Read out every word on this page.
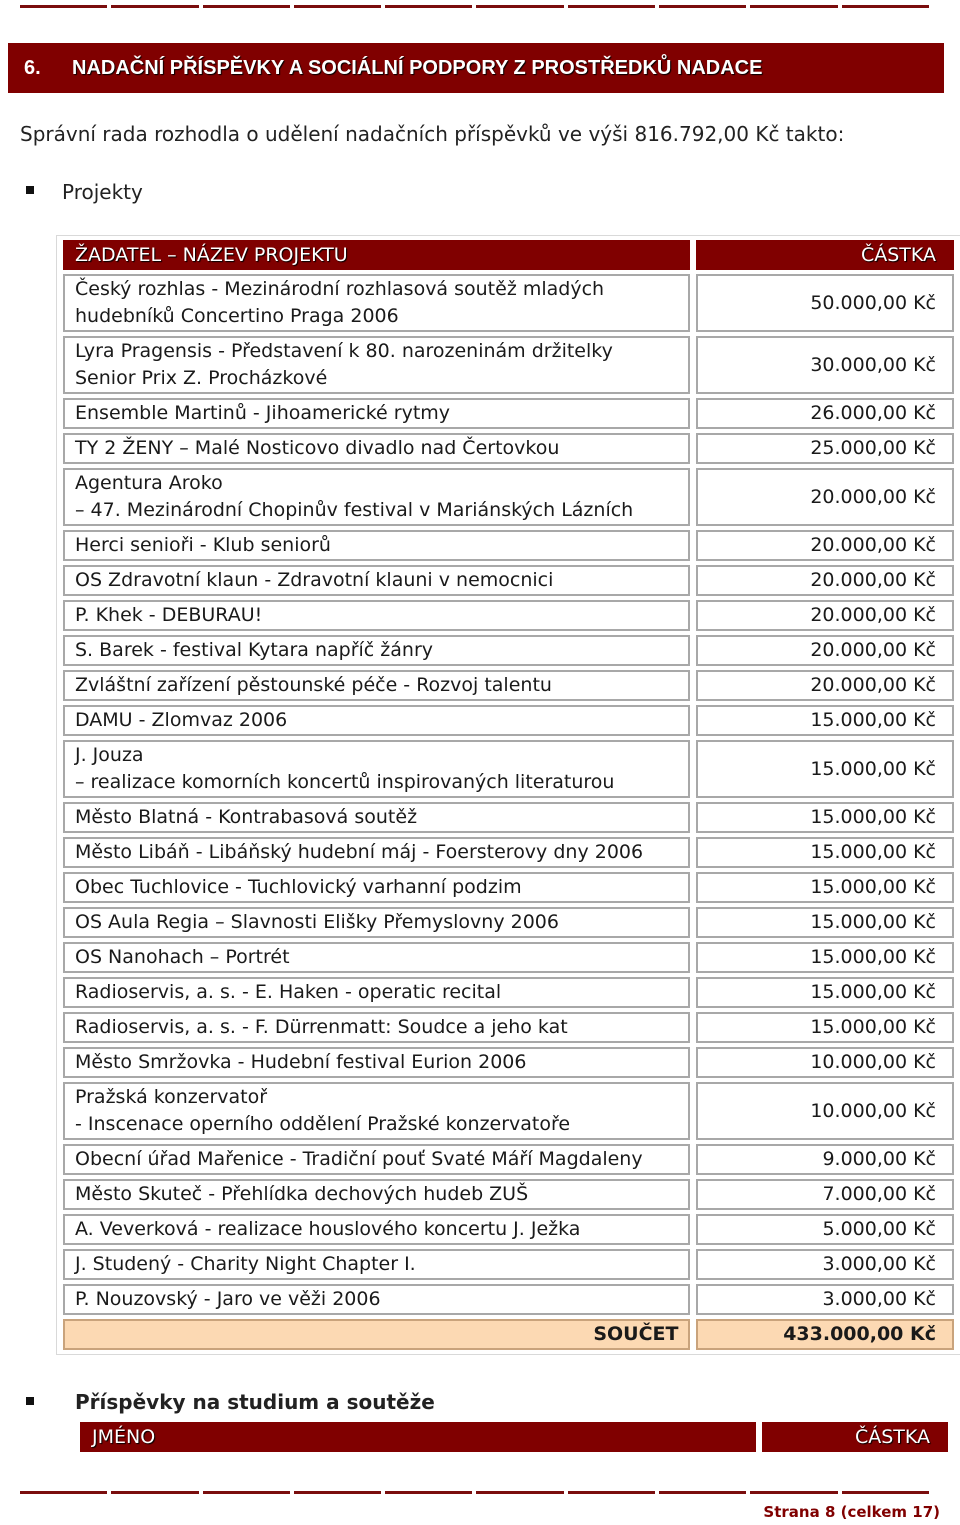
6.	NADAČNÍ PŘÍSPĚVKY A SOCIÁLNÍ PODPORY Z PROSTŘEDKŮ NADACE
Správní rada rozhodla o udělení nadačních příspěvků ve výši 816.792,00 Kč takto:
Projekty
ŽADATEL – NÁZEV PROJEKTU	ČÁSTKA
Český rozhlas - Mezinárodní rozhlasová soutěž mladých
hudebníků Concertino Praga 2006	50.000,00 Kč
Lyra Pragensis - Představení k 80. narozeninám držitelky
Senior Prix Z. Procházkové	30.000,00 Kč
Ensemble Martinů - Jihoamerické rytmy	26.000,00 Kč
TY 2 ŽENY – Malé Nosticovo divadlo nad Čertovkou	25.000,00 Kč
Agentura Aroko
– 47. Mezinárodní Chopinův festival v Mariánských Lázních	20.000,00 Kč
Herci senioři - Klub seniorů	20.000,00 Kč
OS Zdravotní klaun - Zdravotní klauni v nemocnici	20.000,00 Kč
P. Khek - DEBURAU!	20.000,00 Kč
S. Barek - festival Kytara napříč žánry	20.000,00 Kč
Zvláštní zařízení pěstounské péče - Rozvoj talentu	20.000,00 Kč
DAMU - Zlomvaz 2006	15.000,00 Kč
J. Jouza
– realizace komorních koncertů inspirovaných literaturou	15.000,00 Kč
Město Blatná - Kontrabasová soutěž	15.000,00 Kč
Město Libáň - Libáňský hudební máj - Foersterovy dny 2006	15.000,00 Kč
Obec Tuchlovice - Tuchlovický varhanní podzim	15.000,00 Kč
OS Aula Regia – Slavnosti Elišky Přemyslovny 2006	15.000,00 Kč
OS Nanohach – Portrét	15.000,00 Kč
Radioservis, a. s. - E. Haken - operatic recital	15.000,00 Kč
Radioservis, a. s. - F. Dürrenmatt: Soudce a jeho kat	15.000,00 Kč
Město Smržovka - Hudební festival Eurion 2006	10.000,00 Kč
Pražská konzervatoř
- Inscenace operního oddělení Pražské konzervatoře	10.000,00 Kč
Obecní úřad Mařenice - Tradiční pouť Svaté Máří Magdaleny	9.000,00 Kč
Město Skuteč - Přehlídka dechových hudeb ZUŠ	7.000,00 Kč
A. Veverková - realizace houslového koncertu J. Ježka	5.000,00 Kč
J. Studený - Charity Night Chapter I.	3.000,00 Kč
P. Nouzovský - Jaro ve věži 2006	3.000,00 Kč
SOUČET	433.000,00 Kč
Příspěvky na studium a soutěže
JMÉNO	ČÁSTKA
Strana 8 (celkem 17)
